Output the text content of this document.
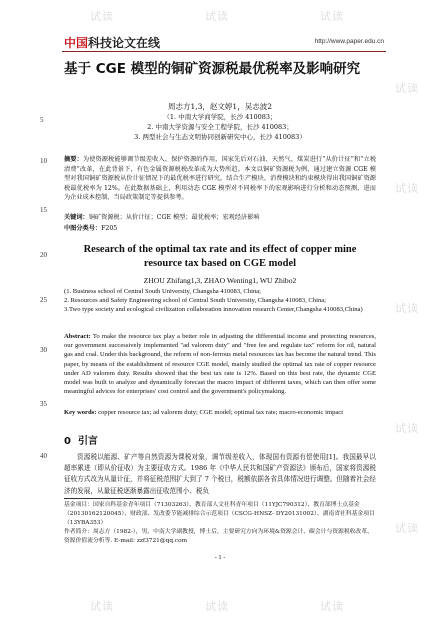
中国 科技论文在线	http://www.paper.edu.cn
试读	试读	试读
试读
试读
试读
试读
试读
试读	试读	试读
5
10
15
20
25
30
35
40
基于 CGE 模型的铜矿资源税最优税率及影响研究
周志方1,3，赵文婷1，吴志波2
（1. 中南大学商学院，长沙 410083；
2. 中南大学资源与安全工程学院，长沙 410083；
3. 两型社会与生态文明协同创新研究中心，长沙 410083）
摘要：为使资源税能够调节级差收入、保护资源的作用，国家先后对石油、天然气、煤炭进行“从价计征”和“立税清费”改革，在此背景下，有色金属资源税税改革成为大势所趋。本文以铜矿资源税为例，通过建立资源 CGE 模型对我国铜矿资源税从价计征情况下的最优税率进行研究，结合生产模块、消费模块和约束模块得出我国铜矿资源税最优税率为 12%。在此数据基础上，利用动态 CGE 模型对不同税率下的宏观影响进行分析和动态预测，进而为企业成本控制、当局政策制定等提供参考。
关键词：铜矿资源税；从价计征；CGE 模型；最优税率；宏观经济影响
中图分类号：F205
Research of the optimal tax rate and its effect of copper mine resource tax based on CGE model
ZHOU Zhifang1,3, ZHAO Wenting1, WU Zhibo2
(1. Business school of Central South University, Changsha 410083, China;
2. Resources and Safety Engineering school of Central South University, Changsha 410083, China;
3.Two type society and ecological civilization collaboration innovation research Center,Changsha 410083,China)
Abstract: To make the resource tax play a better role in adjusting the differential income and protecting resources, our government successively implemented "ad valorem duty" and "free fee and regulate tax" reform for oil, natural gas and coal. Under this background, the reform of non-ferrous metal resources tax has become the natural trend. This paper, by means of the establishment of resource CGE model, mainly studied the optimal tax rate of copper resource under AD valorem duty. Results showed that the best tax rate is 12%. Based on this best rate, the dynamic CGE model was built to analyze and dynamically forecast the macro impact of different taxes, which can then offer some meaningful advices for enterprises' cost control and the government's policymaking.
Key words: copper resource tax; ad valorem duty; CGE model; optimal tax rate; macro-economic impact
0 引言
资源税以能源、矿产等自然资源为课税对象，调节级差收入，体现国有资源有偿使用[1]。我国最早以超率累进（即从价征收）为主要征收方式。1986 年《中华人民共和国矿产资源法》颁布后，国家将资源税征收方式改为从量计征，并将征税范围扩大到了 7 个税目，税额依据各省具体情况进行调整。但随着社会经济的发展，从量征税逐渐暴露出征收范围小、税负
基金项目：国家自科基金青年项目（71303263）、教育部人文社科青年项目（11YJC790312）、教育部博士点基金（20130162120045）、财政部、发改委节能减排综合示范项目（CSCG-HNSZ- DY20131002）、湖南省社科基金项目（13YBA353）
作者简介：周志方（1982-），男，中南大学副教授，博士后，主要研究方向为环境&资源会计、碳会计与资源税收改革、资源价值流分析等. E-mail: zzf3721@qq.com
- 1 -
